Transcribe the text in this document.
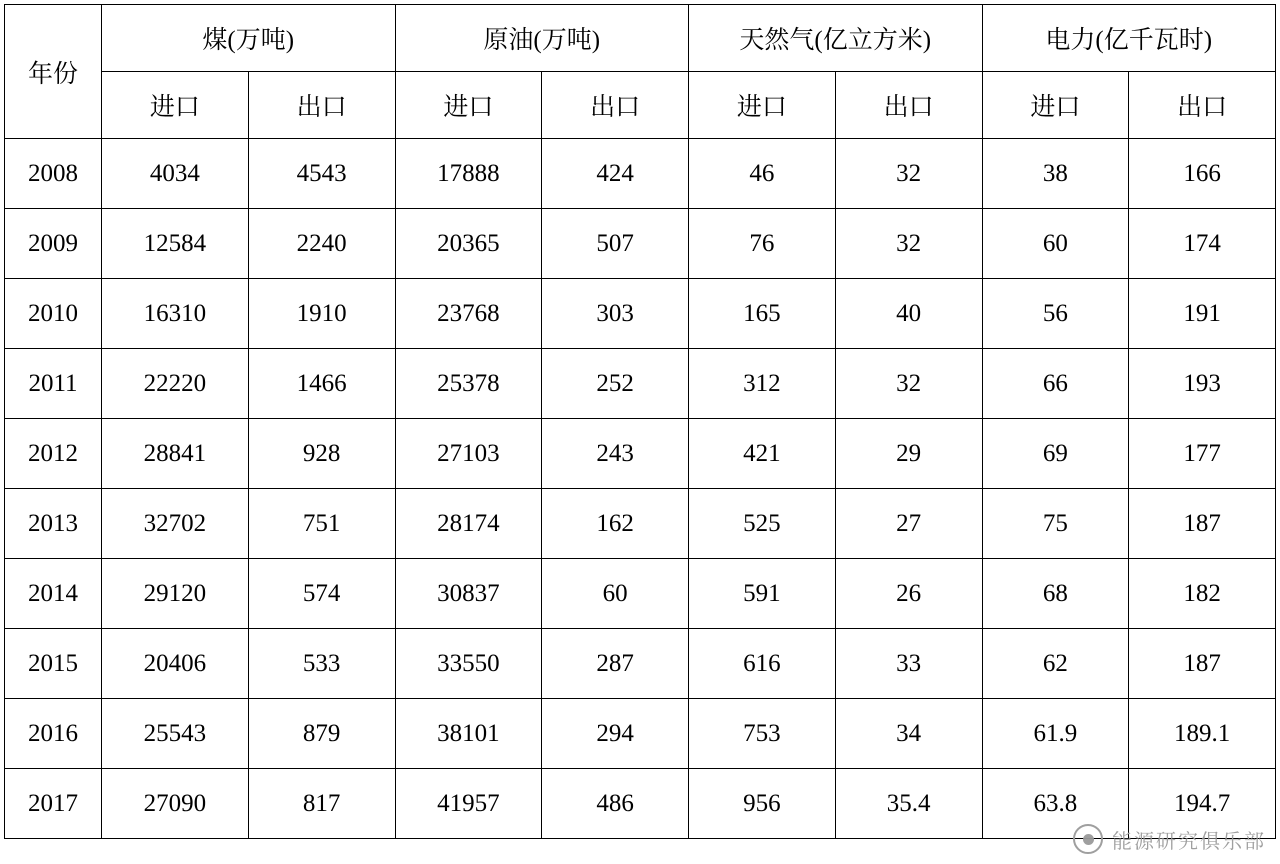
年份	煤(万吨)		原油(万吨)		天然气(亿立方米)		电力(亿千瓦时)	
	进口	出口	进口	出口	进口	出口	进口	出口
2008	4034	4543	17888	424	46	32	38	166
2009	12584	2240	20365	507	76	32	60	174
2010	16310	1910	23768	303	165	40	56	191
2011	22220	1466	25378	252	312	32	66	193
2012	28841	928	27103	243	421	29	69	177
2013	32702	751	28174	162	525	27	75	187
2014	29120	574	30837	60	591	26	68	182
2015	20406	533	33550	287	616	33	62	187
2016	25543	879	38101	294	753	34	61.9	189.1
2017	27090	817	41957	486	956	35.4	63.8	194.7
能源研究俱乐部
